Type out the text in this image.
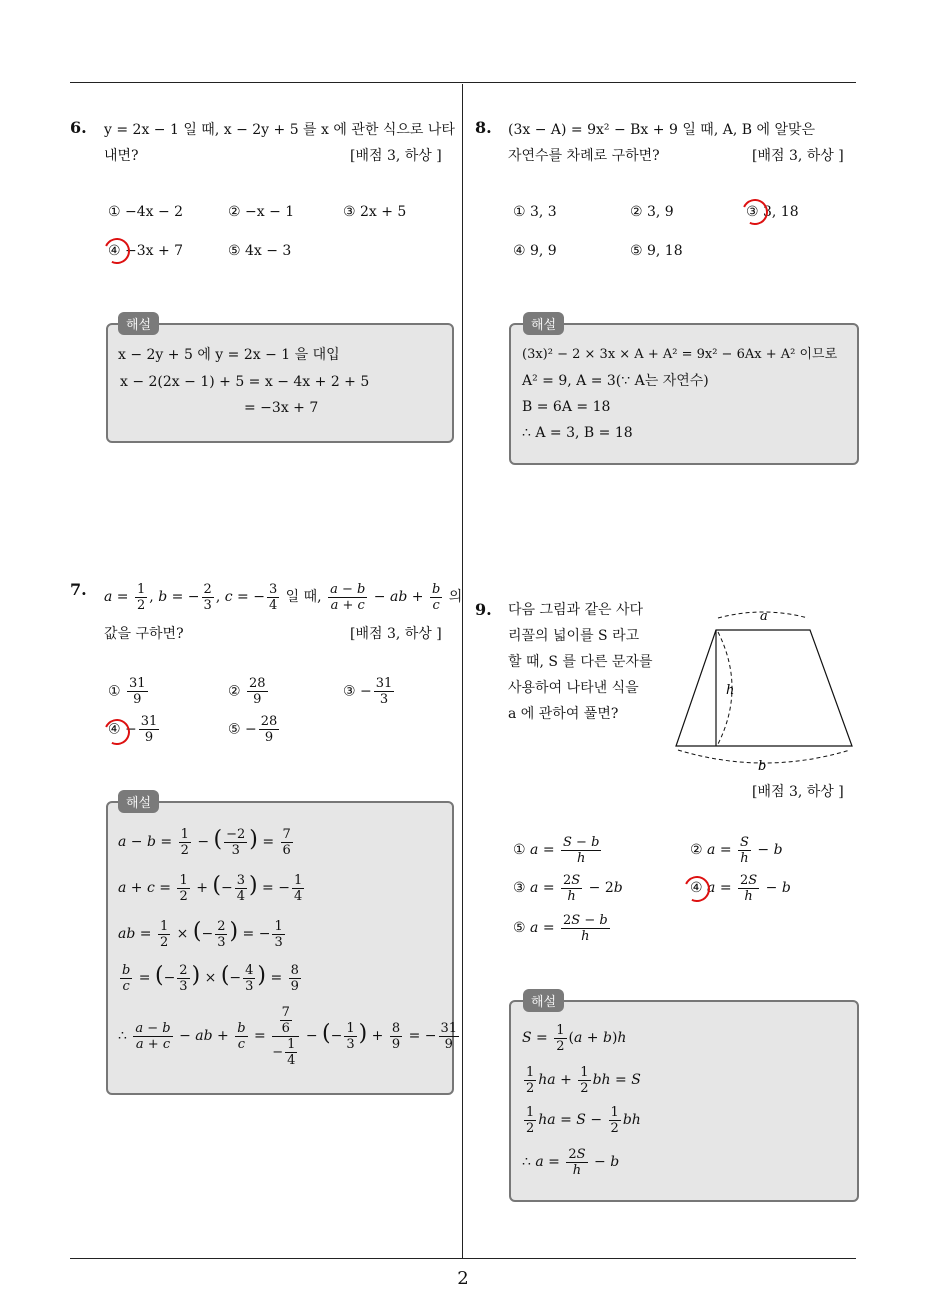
6. y = 2x − 1 일 때, x − 2y + 5 를 x 에 관한 식으로 나타
내면?	[배점 3, 하상 ]
① −4x − 2	② −x − 1	③ 2x + 5
④ −3x + 7	⑤ 4x − 3
해설
x − 2y + 5 에 y = 2x − 1 을 대입
x − 2(2x − 1) + 5 = x − 4x + 2 + 5
= −3x + 7
7. $a = \frac{1}{2}$ , b = − $\frac{2}{3}$ , c = − $\frac{3}{4}$ 일 때, $\frac{a - b}{a + c}$ − ab + $\frac{b}{c}$ 의
값을 구하면?	[배점 3, 하상 ]
① $\frac{31}{9}$	② $\frac{28}{9}$	③ − $\frac{31}{3}$
④ − $\frac{31}{9}$	⑤ − $\frac{28}{9}$
해설
$a - b = \frac{1}{2}$ − ( $\frac{-2}{3}$ ) = $\frac{7}{6}$
$a + c = \frac{1}{2}$ + (− $\frac{3}{4}$ ) = − $\frac{1}{4}$
ab = $\frac{1}{2}$ × (− $\frac{2}{3}$ ) = − $\frac{1}{3}$
$\frac{b}{c}$ = (− $\frac{2}{3}$ ) × (− $\frac{4}{3}$ ) = $\frac{8}{9}$
∴ $\frac{a - b}{a + c}$ − ab + $\frac{b}{c} = \frac{\frac{7}{6}}{- \frac{1}{4}}$ − (− $\frac{1}{3}$ ) + $\frac{8}{9}$ = − $\frac{31}{9}$
8. (3x − A) = 9x² − Bx + 9 일 때, A, B 에 알맞은
자연수를 차례로 구하면?	[배점 3, 하상 ]
① 3, 3	② 3, 9	③ 3, 18
④ 9, 9	⑤ 9, 18
해설
(3x)² − 2 × 3x × A + A² = 9x² − 6Ax + A² 이므로
A² = 9, A = 3(∵ A는 자연수)
B = 6A = 18
∴ A = 3, B = 18
9. 다음 그림과 같은 사다
리꼴의 넓이를 S 라고
할 때, S 를 다른 문자를
사용하여 나타낸 식을
a 에 관하여 풀면?
a
h
b
[배점 3, 하상 ]
① $a = \frac{S - b}{h}$	② $a = \frac{S}{h} - b$
③ $a = \frac{2S}{h} - 2b$	④ $a = \frac{2S}{h} - b$
⑤ $a = \frac{2S - b}{h}$
해설
$S = \frac{1}{2} (a + b)h$
$\frac{1}{2}$ ha + $\frac{1}{2}$ bh = S
$\frac{1}{2}$ ha = $S - \frac{1}{2}$ bh
∴ $a = \frac{2S}{h} - b$
2
